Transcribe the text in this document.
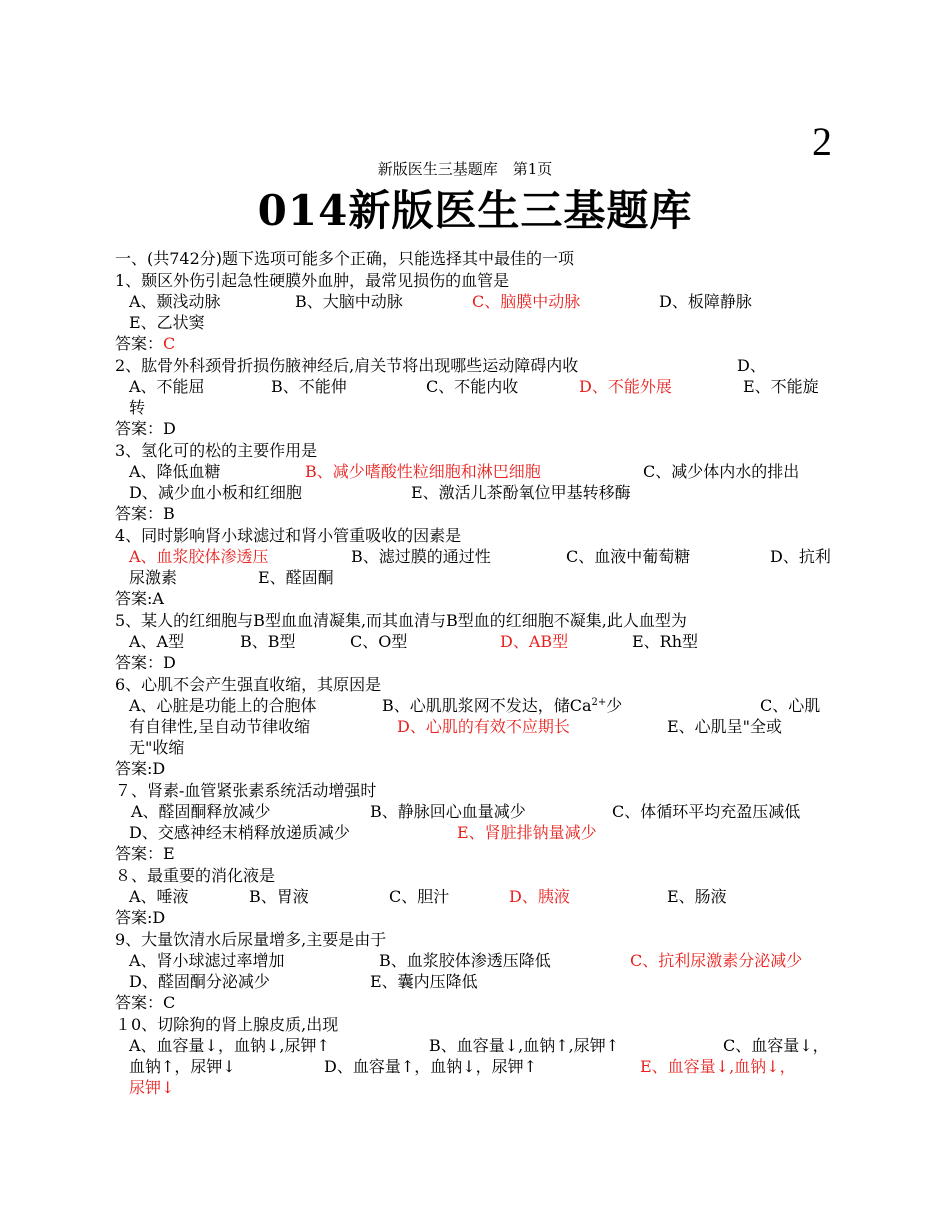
2
新版医生三基题库　第1页
014新版医生三基题库
一、(共742分)题下选项可能多个正确，只能选择其中最佳的一项
1、颞区外伤引起急性硬膜外血肿，最常见损伤的血管是
A、颞浅动脉	B、大脑中动脉	C、脑膜中动脉	D、板障静脉
E、乙状窦
答案：C
2、肱骨外科颈骨折损伤腋神经后,肩关节将出现哪些运动障碍内收	D、
A、不能屈	B、不能伸	C、不能内收	D、不能外展	E、不能旋
转
答案：D
3、氢化可的松的主要作用是
A、降低血糖	B、减少嗜酸性粒细胞和淋巴细胞	C、减少体内水的排出
D、减少血小板和红细胞	E、激活儿茶酚氧位甲基转移酶
答案：B
4、同时影响肾小球滤过和肾小管重吸收的因素是
A、血浆胶体渗透压	B、滤过膜的通过性	C、血液中葡萄糖	D、抗利
尿激素	E、醛固酮
答案:A
5、某人的红细胞与B型血血清凝集,而其血清与B型血的红细胞不凝集,此人血型为
A、A型	B、B型	C、O型	D、AB型	E、Rh型
答案：D
6、心肌不会产生强直收缩，其原因是
A、心脏是功能上的合胞体	B、心肌肌浆网不发达，储$Ca^{2+}$少	C、心肌
有自律性,呈自动节律收缩	D、心肌的有效不应期长	E、心肌呈"全或
无"收缩
答案:D
７、肾素-血管紧张素系统活动增强时
A、醛固酮释放减少	B、静脉回心血量减少	C、体循环平均充盈压减低
D、交感神经末梢释放递质减少	E、肾脏排钠量减少
答案：E
８、最重要的消化液是
A、唾液	B、胃液	C、胆汁	D、胰液	E、肠液
答案:D
9、大量饮清水后尿量增多,主要是由于
A、肾小球滤过率增加	B、血浆胶体渗透压降低	C、抗利尿激素分泌减少
D、醛固酮分泌减少	E、囊内压降低
答案：C
１0、切除狗的肾上腺皮质,出现
A、血容量↓，血钠↓,尿钾↑	B、血容量↓,血钠↑,尿钾↑	C、血容量↓，
血钠↑，尿钾↓	D、血容量↑，血钠↓，尿钾↑	E、血容量↓,血钠↓，
尿钾↓
